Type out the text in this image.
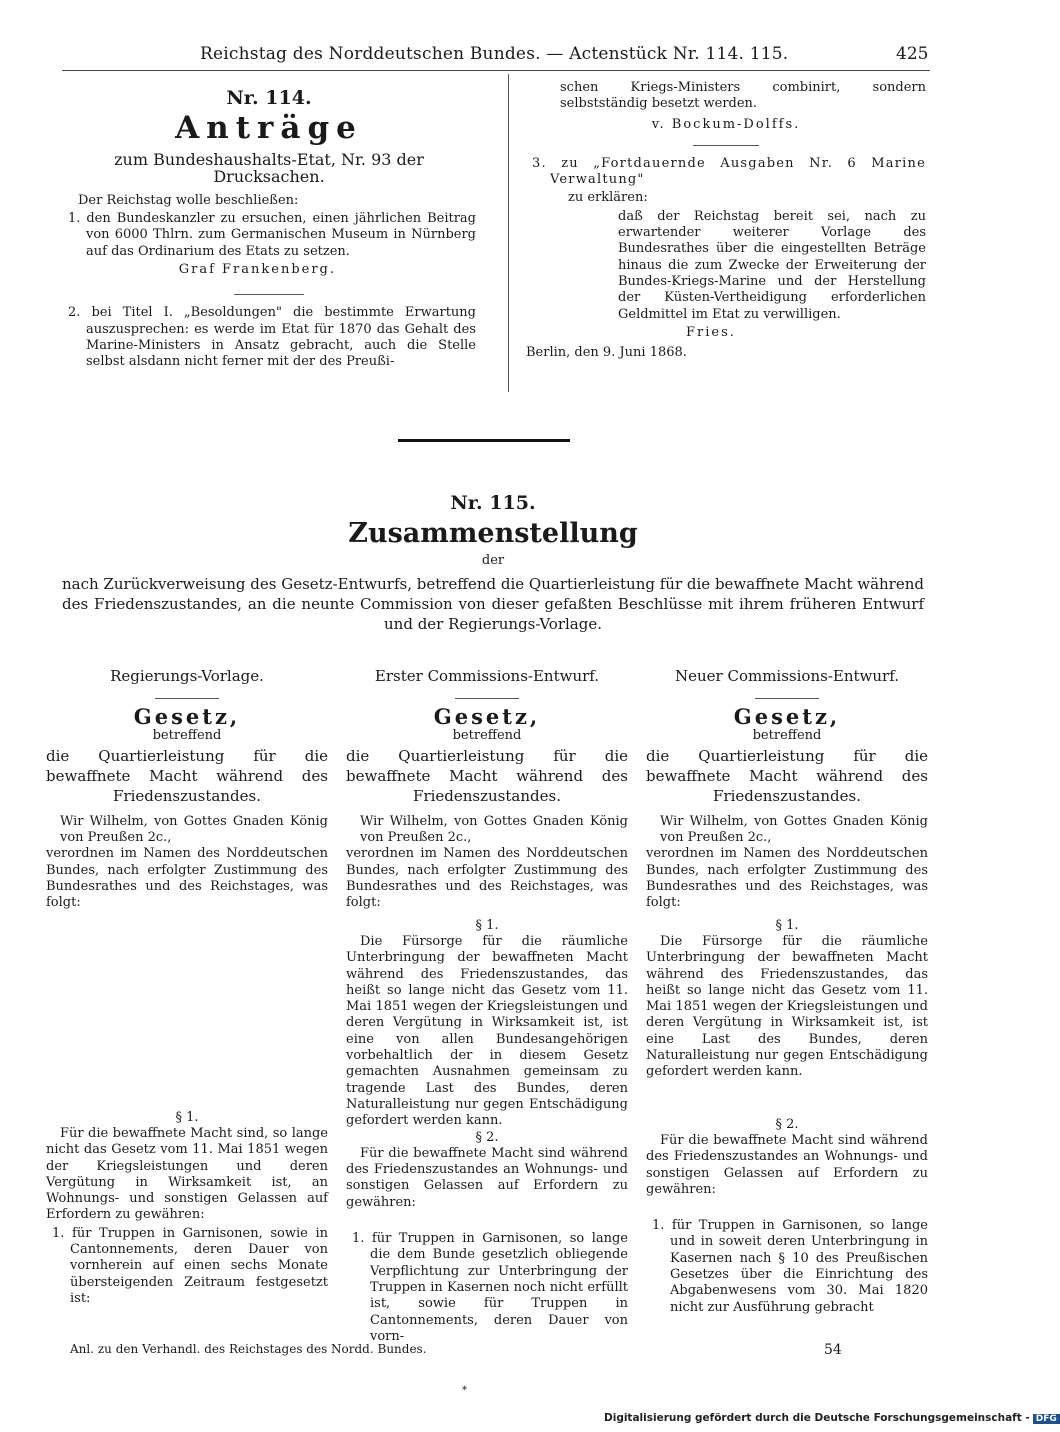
Reichstag des Norddeutschen Bundes. — Actenstück Nr. 114. 115.	425

Nr. 114.

Anträge

zum Bundeshaushalts-Etat, Nr. 93 der Drucksachen.

Der Reichstag wolle beschließen:

1. den Bundeskanzler zu ersuchen, einen jährlichen Beitrag von 6000 Thlrn. zum Germanischen Museum in Nürnberg auf das Ordinarium des Etats zu setzen.

Graf Frankenberg.

2. bei Titel I. „Besoldungen" die bestimmte Erwartung auszusprechen: es werde im Etat für 1870 das Gehalt des Marine-Ministers in Ansatz gebracht, auch die Stelle selbst alsdann nicht ferner mit der des Preußi-

schen Kriegs-Ministers combinirt, sondern selbstständig besetzt werden.

v. Bockum-Dolffs.

3. zu „Fortdauernde Ausgaben Nr. 6 Marine Verwaltung"

zu erklären:

daß der Reichstag bereit sei, nach zu erwartender weiterer Vorlage des Bundesrathes über die eingestellten Beträge hinaus die zum Zwecke der Erweiterung der Bundes-Kriegs-Marine und der Herstellung der Küsten-Vertheidigung erforderlichen Geldmittel im Etat zu verwilligen.

Fries.

Berlin, den 9. Juni 1868.

Nr. 115.

Zusammenstellung

der

nach Zurückverweisung des Gesetz-Entwurfs, betreffend die Quartierleistung für die bewaffnete Macht während des Friedenszustandes, an die neunte Commission von dieser gefaßten Beschlüsse mit ihrem früheren Entwurf und der Regierungs-Vorlage.

Regierungs-Vorlage.

Gesetz,

betreffend

die Quartierleistung für die bewaffnete Macht während des Friedenszustandes.

Wir Wilhelm, von Gottes Gnaden König von Preußen 2c.,

verordnen im Namen des Norddeutschen Bundes, nach erfolgter Zustimmung des Bundesrathes und des Reichstages, was folgt:

§ 1.

Für die bewaffnete Macht sind, so lange nicht das Gesetz vom 11. Mai 1851 wegen der Kriegsleistungen und deren Vergütung in Wirksamkeit ist, an Wohnungs- und sonstigen Gelassen auf Erfordern zu gewähren:

1. für Truppen in Garnisonen, sowie in Cantonnements, deren Dauer von vornherein auf einen sechs Monate übersteigenden Zeitraum festgesetzt ist:

Erster Commissions-Entwurf.

Gesetz,

betreffend

die Quartierleistung für die bewaffnete Macht während des Friedenszustandes.

Wir Wilhelm, von Gottes Gnaden König von Preußen 2c.,

verordnen im Namen des Norddeutschen Bundes, nach erfolgter Zustimmung des Bundesrathes und des Reichstages, was folgt:

§ 1.

Die Fürsorge für die räumliche Unterbringung der bewaffneten Macht während des Friedenszustandes, das heißt so lange nicht das Gesetz vom 11. Mai 1851 wegen der Kriegsleistungen und deren Vergütung in Wirksamkeit ist, ist eine von allen Bundesangehörigen vorbehaltlich der in diesem Gesetz gemachten Ausnahmen gemeinsam zu tragende Last des Bundes, deren Naturalleistung nur gegen Entschädigung gefordert werden kann.

§ 2.

Für die bewaffnete Macht sind während des Friedenszustandes an Wohnungs- und sonstigen Gelassen auf Erfordern zu gewähren:

1. für Truppen in Garnisonen, so lange die dem Bunde gesetzlich obliegende Verpflichtung zur Unterbringung der Truppen in Kasernen noch nicht erfüllt ist, sowie für Truppen in Cantonnements, deren Dauer von vorn-

Neuer Commissions-Entwurf.

Gesetz,

betreffend

die Quartierleistung für die bewaffnete Macht während des Friedenszustandes.

Wir Wilhelm, von Gottes Gnaden König von Preußen 2c.,

verordnen im Namen des Norddeutschen Bundes, nach erfolgter Zustimmung des Bundesrathes und des Reichstages, was folgt:

§ 1.

Die Fürsorge für die räumliche Unterbringung der bewaffneten Macht während des Friedenszustandes, das heißt so lange nicht das Gesetz vom 11. Mai 1851 wegen der Kriegsleistungen und deren Vergütung in Wirksamkeit ist, ist eine Last des Bundes, deren Naturalleistung nur gegen Entschädigung gefordert werden kann.

§ 2.

Für die bewaffnete Macht sind während des Friedenszustandes an Wohnungs- und sonstigen Gelassen auf Erfordern zu gewähren:

1. für Truppen in Garnisonen, so lange und in soweit deren Unterbringung in Kasernen nach § 10 des Preußischen Gesetzes über die Einrichtung des Abgabenwesens vom 30. Mai 1820 nicht zur Ausführung gebracht

Anl. zu den Verhandl. des Reichstages des Nordd. Bundes.	54
*
Digitalisierung gefördert durch die Deutsche Forschungsgemeinschaft - DFG
